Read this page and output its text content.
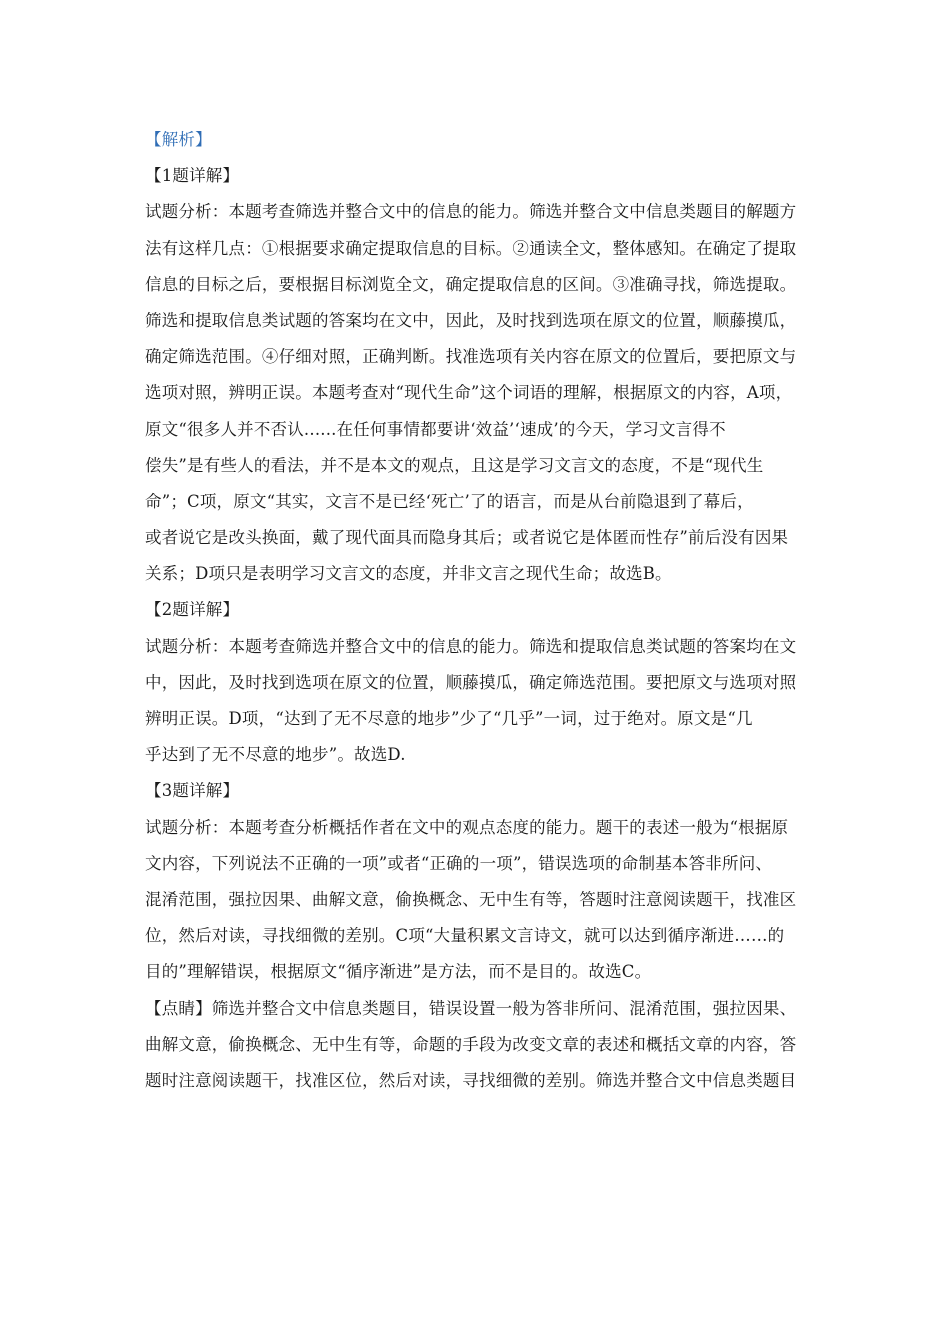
【解析】
【1题详解】
试题分析：本题考查筛选并整合文中的信息的能力。筛选并整合文中信息类题目的解题方
法有这样几点：①根据要求确定提取信息的目标。②通读全文，整体感知。在确定了提取
信息的目标之后，要根据目标浏览全文，确定提取信息的区间。③准确寻找，筛选提取。
筛选和提取信息类试题的答案均在文中，因此，及时找到选项在原文的位置，顺藤摸瓜，
确定筛选范围。④仔细对照，正确判断。找准选项有关内容在原文的位置后，要把原文与
选项对照，辨明正误。本题考查对“现代生命”这个词语的理解，根据原文的内容，A项，
原文“很多人并不否认......在任何事情都要讲‘效益’‘速成’的今天，学习文言得不
偿失”是有些人的看法，并不是本文的观点，且这是学习文言文的态度，不是“现代生
命”；C项，原文“其实，文言不是已经‘死亡’了的语言，而是从台前隐退到了幕后，
或者说它是改头换面，戴了现代面具而隐身其后；或者说它是体匿而性存”前后没有因果
关系；D项只是表明学习文言文的态度，并非文言之现代生命；故选B。
【2题详解】
试题分析：本题考查筛选并整合文中的信息的能力。筛选和提取信息类试题的答案均在文
中，因此，及时找到选项在原文的位置，顺藤摸瓜，确定筛选范围。要把原文与选项对照
辨明正误。D项，“达到了无不尽意的地步”少了“几乎”一词，过于绝对。原文是“几
乎达到了无不尽意的地步”。故选D.
【3题详解】
试题分析：本题考查分析概括作者在文中的观点态度的能力。题干的表述一般为“根据原
文内容，下列说法不正确的一项”或者“正确的一项”，错误选项的命制基本答非所问、
混淆范围，强拉因果、曲解文意，偷换概念、无中生有等，答题时注意阅读题干，找准区
位，然后对读，寻找细微的差别。C项“大量积累文言诗文，就可以达到循序渐进……的
目的”理解错误，根据原文“循序渐进”是方法，而不是目的。故选C。
【点睛】筛选并整合文中信息类题目，错误设置一般为答非所问、混淆范围，强拉因果、
曲解文意，偷换概念、无中生有等，命题的手段为改变文章的表述和概括文章的内容，答
题时注意阅读题干，找准区位，然后对读，寻找细微的差别。筛选并整合文中信息类题目
